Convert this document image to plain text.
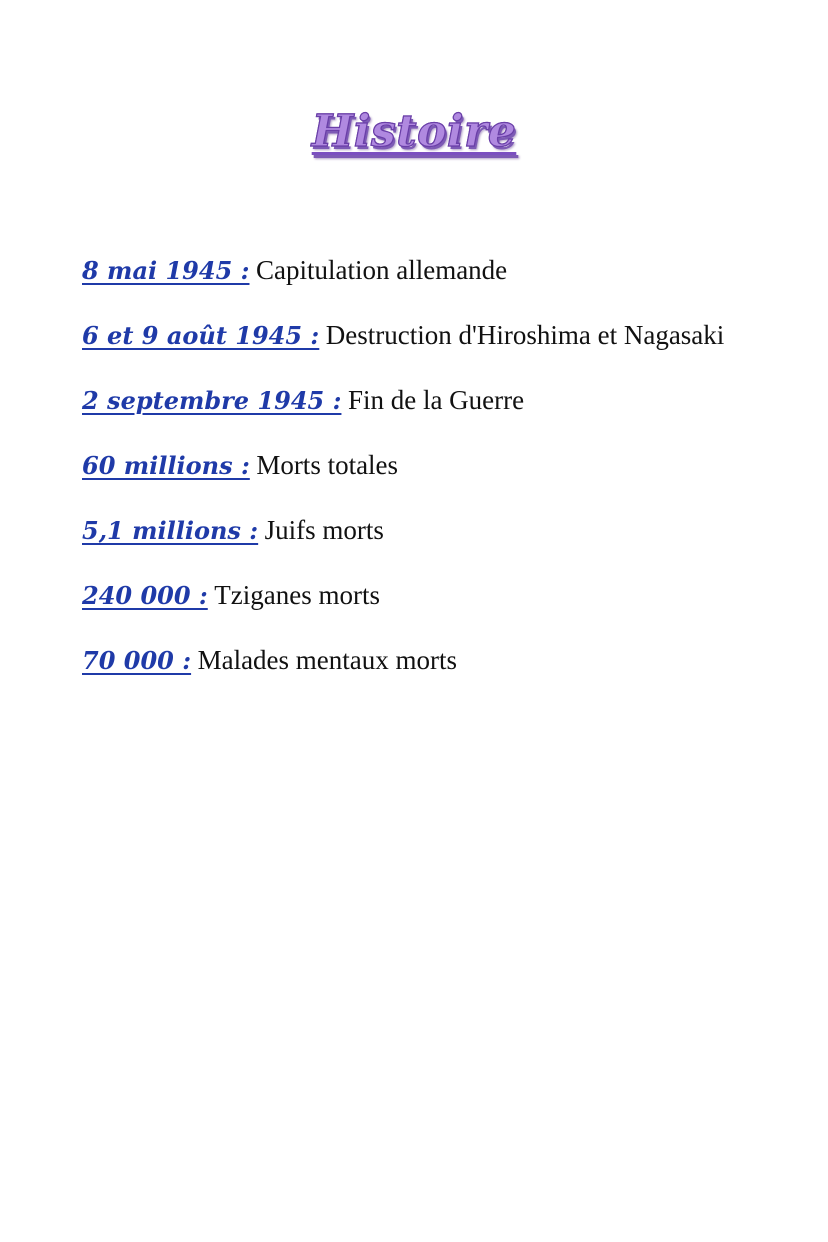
Histoire
8 mai 1945 : Capitulation allemande
6 et 9 août 1945 : Destruction d'Hiroshima et Nagasaki
2 septembre 1945 : Fin de la Guerre
60 millions : Morts totales
5,1 millions : Juifs morts
240 000 : Tziganes morts
70 000 : Malades mentaux morts
